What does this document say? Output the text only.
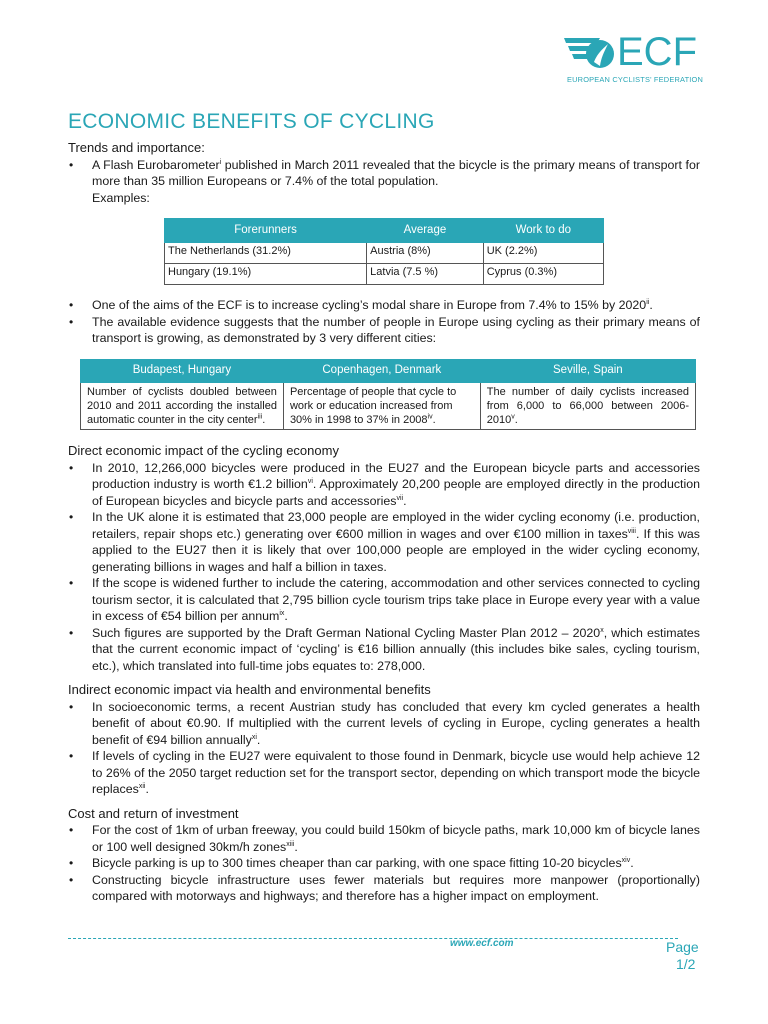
ECF
EUROPEAN CYCLISTS' FEDERATION
ECONOMIC BENEFITS OF CYCLING

Trends and importance:

• A Flash Eurobarometer$^i$ published in March 2011 revealed that the bicycle is the primary means of transport for more than 35 million Europeans or 7.4% of the total population.

Examples:

Forerunners	Average	Work to do
The Netherlands (31.2%)	Austria (8%)	UK (2.2%)
Hungary (19.1%)	Latvia (7.5 %)	Cyprus (0.3%)

• One of the aims of the ECF is to increase cycling’s modal share in Europe from 7.4% to 15% by 2020$^{ii}$.

• The available evidence suggests that the number of people in Europe using cycling as their primary means of transport is growing, as demonstrated by 3 very different cities:

Budapest, Hungary	Copenhagen, Denmark	Seville, Spain
Number of cyclists doubled between 2010 and 2011 according the installed automatic counter in the city center$^{iii}$.	Percentage of people that cycle to work or education increased from 30% in 1998 to 37% in 2008$^{iv}$.	The number of daily cyclists increased from 6,000 to 66,000 between 2006-2010$^v$.

Direct economic impact of the cycling economy

• In 2010, 12,266,000 bicycles were produced in the EU27 and the European bicycle parts and accessories production industry is worth €1.2 billion$^{vi}$. Approximately 20,200 people are employed directly in the production of European bicycles and bicycle parts and accessories$^{vii}$.

• In the UK alone it is estimated that 23,000 people are employed in the wider cycling economy (i.e. production, retailers, repair shops etc.) generating over €600 million in wages and over €100 million in taxes$^{viii}$. If this was applied to the EU27 then it is likely that over 100,000 people are employed in the wider cycling economy, generating billions in wages and half a billion in taxes.

• If the scope is widened further to include the catering, accommodation and other services connected to cycling tourism sector, it is calculated that 2,795 billion cycle tourism trips take place in Europe every year with a value in excess of €54 billion per annum$^{ix}$.

• Such figures are supported by the Draft German National Cycling Master Plan 2012 – 2020$^x$, which estimates that the current economic impact of ‘cycling’ is €16 billion annually (this includes bike sales, cycling tourism, etc.), which translated into full-time jobs equates to: 278,000.

Indirect economic impact via health and environmental benefits

• In socioeconomic terms, a recent Austrian study has concluded that every km cycled generates a health benefit of about €0.90. If multiplied with the current levels of cycling in Europe, cycling generates a health benefit of €94 billion annually$^{xi}$.

• If levels of cycling in the EU27 were equivalent to those found in Denmark, bicycle use would help achieve 12 to 26% of the 2050 target reduction set for the transport sector, depending on which transport mode the bicycle replaces$^{xii}$.

Cost and return of investment

• For the cost of 1km of urban freeway, you could build 150km of bicycle paths, mark 10,000 km of bicycle lanes or 100 well designed 30km/h zones$^{xiii}$.

• Bicycle parking is up to 300 times cheaper than car parking, with one space fitting 10-20 bicycles$^{xiv}$.

• Constructing bicycle infrastructure uses fewer materials but requires more manpower (proportionally) compared with motorways and highways; and therefore has a higher impact on employment.

www.ecf.com	Page
1/2
